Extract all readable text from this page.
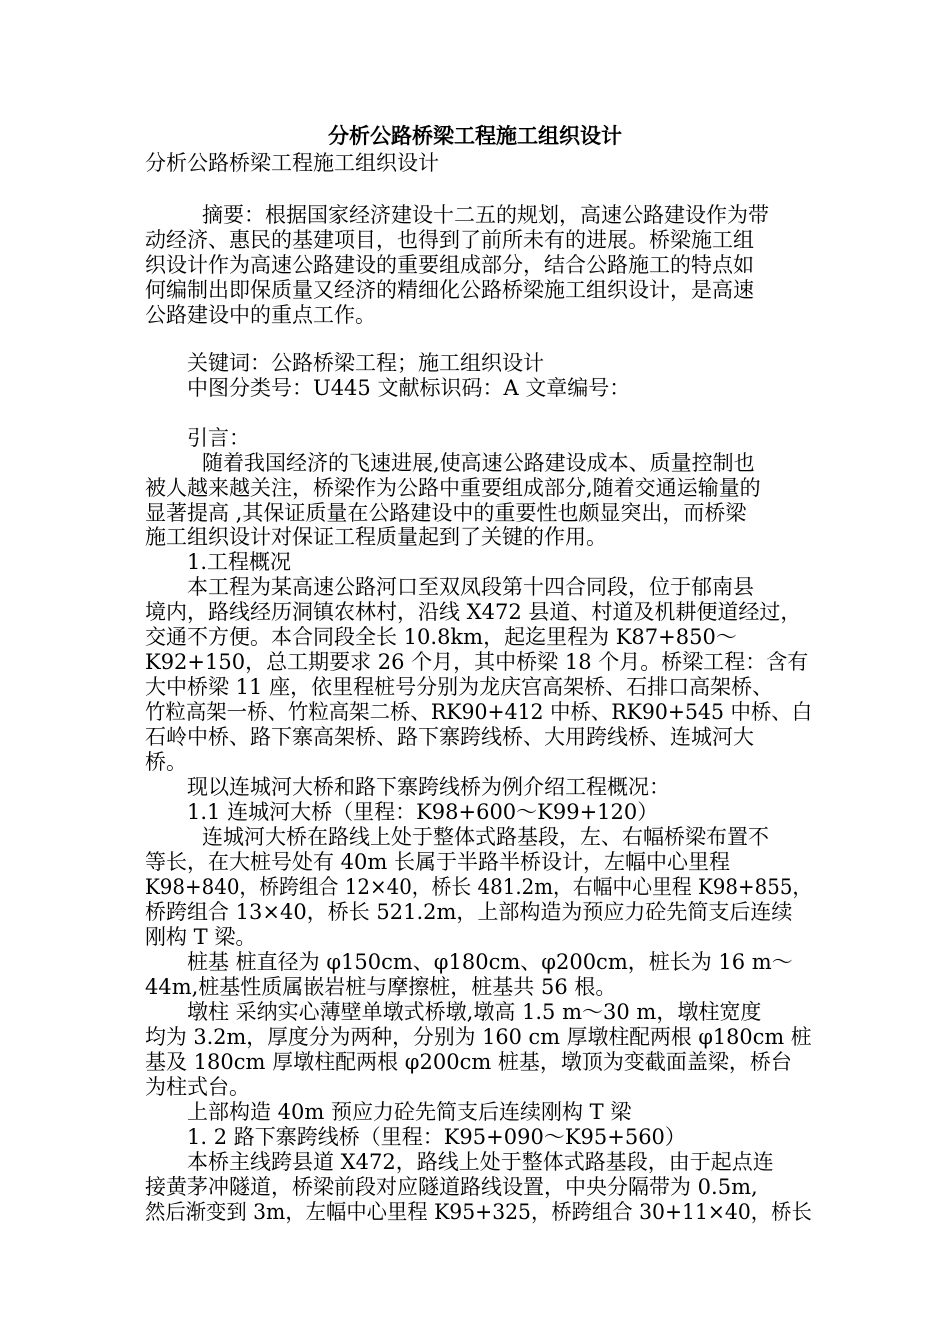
分析公路桥梁工程施工组织设计
分析公路桥梁工程施工组织设计
摘要：根据国家经济建设十二五的规划，高速公路建设作为带
动经济、惠民的基建项目，也得到了前所未有的进展。桥梁施工组
织设计作为高速公路建设的重要组成部分，结合公路施工的特点如
何编制出即保质量又经济的精细化公路桥梁施工组织设计，是高速
公路建设中的重点工作。
关键词：公路桥梁工程；施工组织设计
中图分类号：U445 文献标识码：A 文章编号：
引言：
随着我国经济的飞速进展,使高速公路建设成本、质量控制也
被人越来越关注，桥梁作为公路中重要组成部分,随着交通运输量的
显著提高 ,其保证质量在公路建设中的重要性也颇显突出，而桥梁
施工组织设计对保证工程质量起到了关键的作用。
1.工程概况
本工程为某高速公路河口至双凤段第十四合同段，位于郁南县
境内，路线经历洞镇农林村，沿线 X472 县道、村道及机耕便道经过，
交通不方便。本合同段全长 10.8km，起迄里程为 K87+850～
K92+150，总工期要求 26 个月，其中桥梁 18 个月。桥梁工程：含有
大中桥梁 11 座，依里程桩号分别为龙庆宫高架桥、石排口高架桥、
竹粒高架一桥、竹粒高架二桥、RK90+412 中桥、RK90+545 中桥、白
石岭中桥、路下寨高架桥、路下寨跨线桥、大用跨线桥、连城河大
桥。
现以连城河大桥和路下寨跨线桥为例介绍工程概况：
1.1 连城河大桥（里程：K98+600～K99+120）
连城河大桥在路线上处于整体式路基段，左、右幅桥梁布置不
等长，在大桩号处有 40m 长属于半路半桥设计，左幅中心里程
K98+840，桥跨组合 12×40，桥长 481.2m，右幅中心里程 K98+855，
桥跨组合 13×40，桥长 521.2m，上部构造为预应力砼先简支后连续
刚构 T 梁。
桩基 桩直径为 φ150cm、φ180cm、φ200cm，桩长为 16 m～
44m,桩基性质属嵌岩桩与摩擦桩，桩基共 56 根。
墩柱 采纳实心薄壁单墩式桥墩,墩高 1.5 m～30 m，墩柱宽度
均为 3.2m，厚度分为两种，分别为 160 cm 厚墩柱配两根 φ180cm 桩
基及 180cm 厚墩柱配两根 φ200cm 桩基，墩顶为变截面盖梁，桥台
为柱式台。
上部构造 40m 预应力砼先简支后连续刚构 T 梁
1. 2 路下寨跨线桥（里程：K95+090～K95+560）
本桥主线跨县道 X472，路线上处于整体式路基段，由于起点连
接黄茅冲隧道，桥梁前段对应隧道路线设置，中央分隔带为 0.5m,
然后渐变到 3m，左幅中心里程 K95+325，桥跨组合 30+11×40，桥长
